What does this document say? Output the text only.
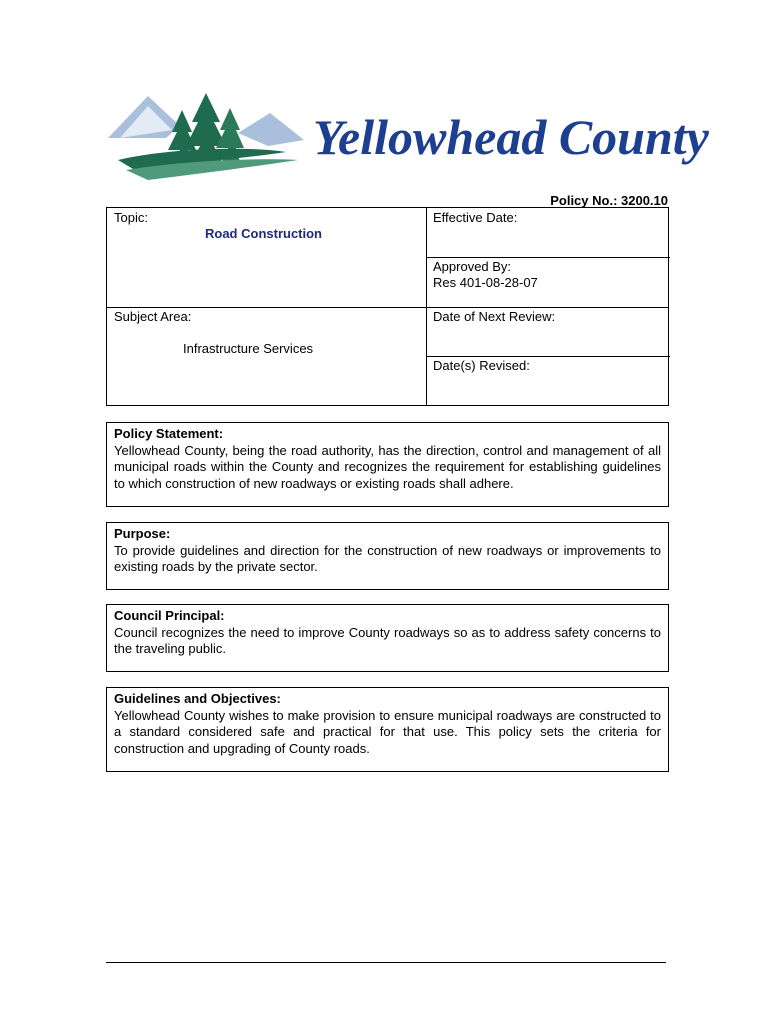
Yellowhead County
Policy No.: 3200.10
Topic:
Road Construction
Subject Area:
Infrastructure Services
Effective Date:
Approved By:
Res 401-08-28-07
Date of Next Review:
Date(s) Revised:
Policy Statement:

Yellowhead County, being the road authority, has the direction, control and management of all municipal roads within the County and recognizes the requirement for establishing guidelines to which construction of new roadways or existing roads shall adhere.

Purpose:

To provide guidelines and direction for the construction of new roadways or improvements to existing roads by the private sector.

Council Principal:

Council recognizes the need to improve County roadways so as to address safety concerns to the traveling public.

Guidelines and Objectives:

Yellowhead County wishes to make provision to ensure municipal roadways are constructed to a standard considered safe and practical for that use. This policy sets the criteria for construction and upgrading of County roads.
